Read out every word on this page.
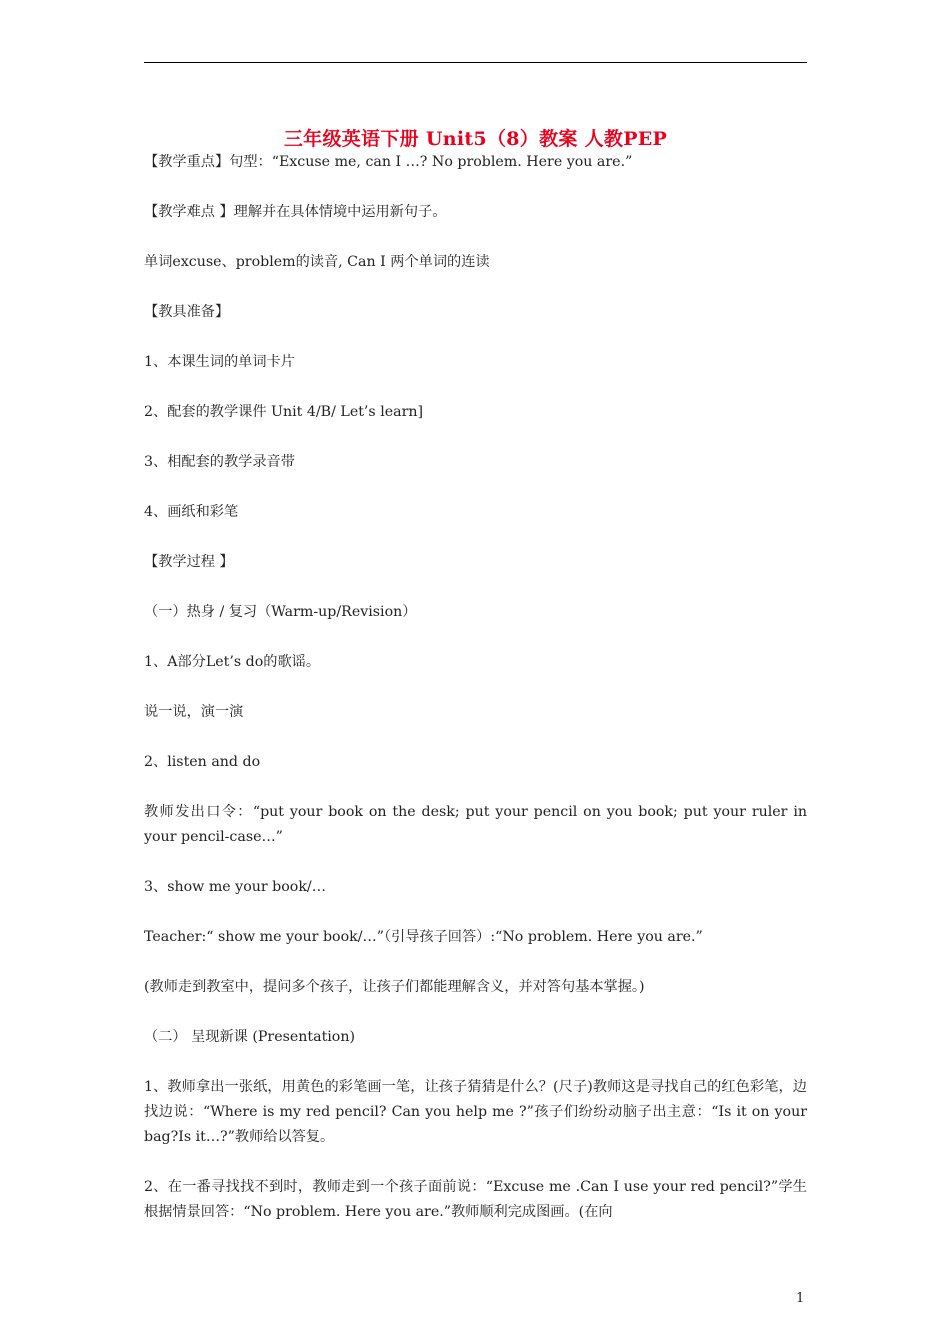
三年级英语下册 Unit5（8）教案 人教PEP

【教学重点】句型：“Excuse me, can I …? No problem. Here you are.”

【教学难点 】理解并在具体情境中运用新句子。

单词excuse、problem的读音, Can I 两个单词的连读

【教具准备】

1、本课生词的单词卡片

2、配套的教学课件 Unit 4/B/ Let’s learn]

3、相配套的教学录音带

4、画纸和彩笔

【教学过程 】

（一）热身 / 复习（Warm-up/Revision）

1、A部分Let’s do的歌谣。

说一说，演一演

2、listen and do

教师发出口令：“put your book on the desk; put your pencil on you book; put your ruler in your pencil-case…”

3、show me your book/…

Teacher:“ show me your book/…”（引导孩子回答）:“No problem. Here you are.”

(教师走到教室中，提问多个孩子，让孩子们都能理解含义，并对答句基本掌握。)

（二） 呈现新课 (Presentation)

1、教师拿出一张纸，用黄色的彩笔画一笔，让孩子猜猜是什么？(尺子)教师这是寻找自己的红色彩笔，边找边说：“Where is my red pencil? Can you help me ?”孩子们纷纷动脑子出主意：“Is it on your bag?Is it…?”教师给以答复。

2、在一番寻找找不到时，教师走到一个孩子面前说：“Excuse me .Can I use your red pencil?”学生根据情景回答：“No problem. Here you are.”教师顺利完成图画。(在向

1
